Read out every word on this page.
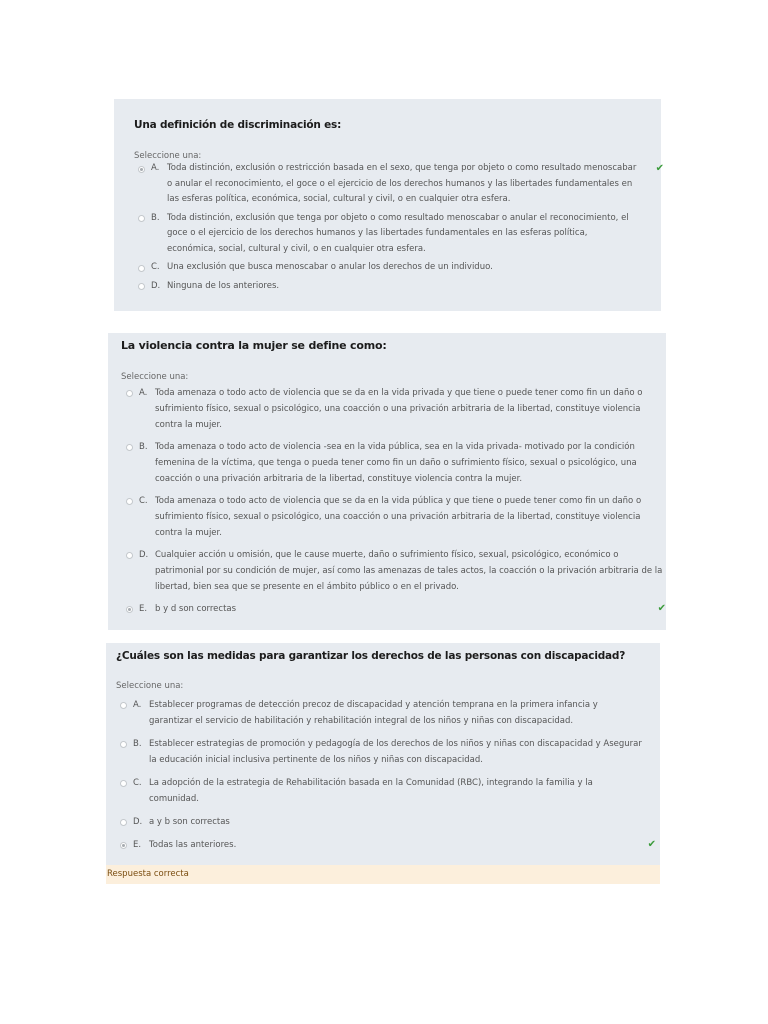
Una definición de discriminación es:

Seleccione una:

A. Toda distinción, exclusión o restricción basada en el sexo, que tenga por objeto o como resultado menoscabar o anular el reconocimiento, el goce o el ejercicio de los derechos humanos y las libertades fundamentales en las esferas política, económica, social, cultural y civil, o en cualquier otra esfera.
✔
B. Toda distinción, exclusión que tenga por objeto o como resultado menoscabar o anular el reconocimiento, el goce o el ejercicio de los derechos humanos y las libertades fundamentales en las esferas política, económica, social, cultural y civil, o en cualquier otra esfera.
C. Una exclusión que busca menoscabar o anular los derechos de un individuo.
D. Ninguna de los anteriores.
La violencia contra la mujer se define como:

Seleccione una:

A. Toda amenaza o todo acto de violencia que se da en la vida privada y que tiene o puede tener como fin un daño o sufrimiento físico, sexual o psicológico, una coacción o una privación arbitraria de la libertad, constituye violencia contra la mujer.
B. Toda amenaza o todo acto de violencia -sea en la vida pública, sea en la vida privada- motivado por la condición femenina de la víctima, que tenga o pueda tener como fin un daño o sufrimiento físico, sexual o psicológico, una coacción o una privación arbitraria de la libertad, constituye violencia contra la mujer.
C. Toda amenaza o todo acto de violencia que se da en la vida pública y que tiene o puede tener como fin un daño o sufrimiento físico, sexual o psicológico, una coacción o una privación arbitraria de la libertad, constituye violencia contra la mujer.
D. Cualquier acción u omisión, que le cause muerte, daño o sufrimiento físico, sexual, psicológico, económico o patrimonial por su condición de mujer, así como las amenazas de tales actos, la coacción o la privación arbitraria de la libertad, bien sea que se presente en el ámbito público o en el privado.
E. b y d son correctas	✔
¿Cuáles son las medidas para garantizar los derechos de las personas con discapacidad?

Seleccione una:

A. Establecer programas de detección precoz de discapacidad y atención temprana en la primera infancia y garantizar el servicio de habilitación y rehabilitación integral de los niños y niñas con discapacidad.
B. Establecer estrategias de promoción y pedagogía de los derechos de los niños y niñas con discapacidad y Asegurar la educación inicial inclusiva pertinente de los niños y niñas con discapacidad.
C. La adopción de la estrategia de Rehabilitación basada en la Comunidad (RBC), integrando la familia y la comunidad.
D. a y b son correctas
E. Todas las anteriores.	✔
Respuesta correcta
